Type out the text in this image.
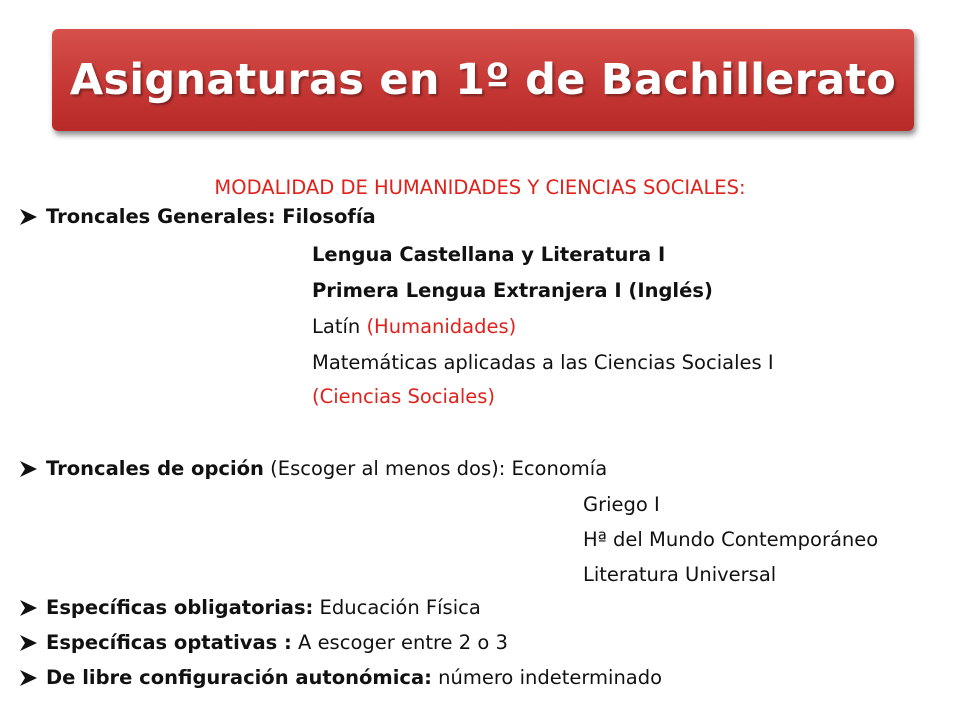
Asignaturas en 1º de Bachillerato
MODALIDAD DE HUMANIDADES Y CIENCIAS SOCIALES:
Troncales Generales: Filosofía
Lengua Castellana y Literatura I
Primera Lengua Extranjera I (Inglés)
Latín (Humanidades)
Matemáticas aplicadas a las Ciencias Sociales I
(Ciencias Sociales)
Troncales de opción (Escoger al menos dos): Economía
Griego I
Hª del Mundo Contemporáneo
Literatura Universal
Específicas obligatorias: Educación Física
Específicas optativas : A escoger entre 2 o 3
De libre configuración autonómica: número indeterminado
